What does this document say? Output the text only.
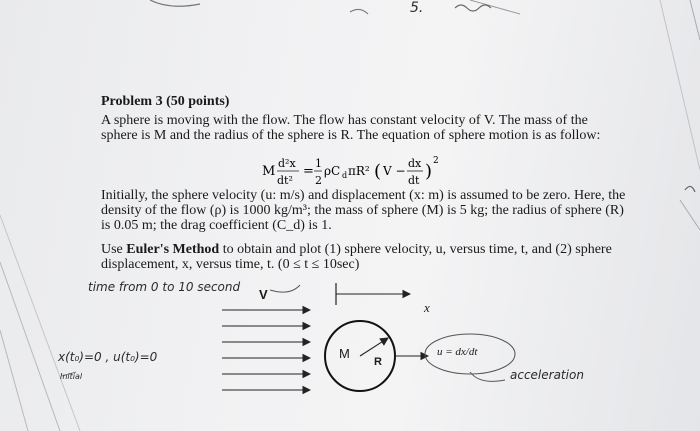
5.
Problem 3 (50 points)
A sphere is moving with the flow. The flow has constant velocity of V. The mass of the sphere is M and the radius of the sphere is R. The equation of sphere motion is as follow:
M
d²x
dt²
=
1
2
ρC d πR² ( V −
dx
dt ) 2
Initially, the sphere velocity (u: m/s) and displacement (x: m) is assumed to be zero. Here, the density of the flow (ρ) is 1000 kg/m³; the mass of sphere (M) is 5 kg; the radius of sphere (R) is 0.05 m; the drag coefficient (C_d) is 1.
Use Euler's Method to obtain and plot (1) sphere velocity, u, versus time, t, and (2) sphere displacement, x, versus time, t. (0 ≤ t ≤ 10sec)
V
x
M
R
u = dx/dt
time from 0 to 10 second
x(t₀)=0 , u(t₀)=0
Initial	acceleration
